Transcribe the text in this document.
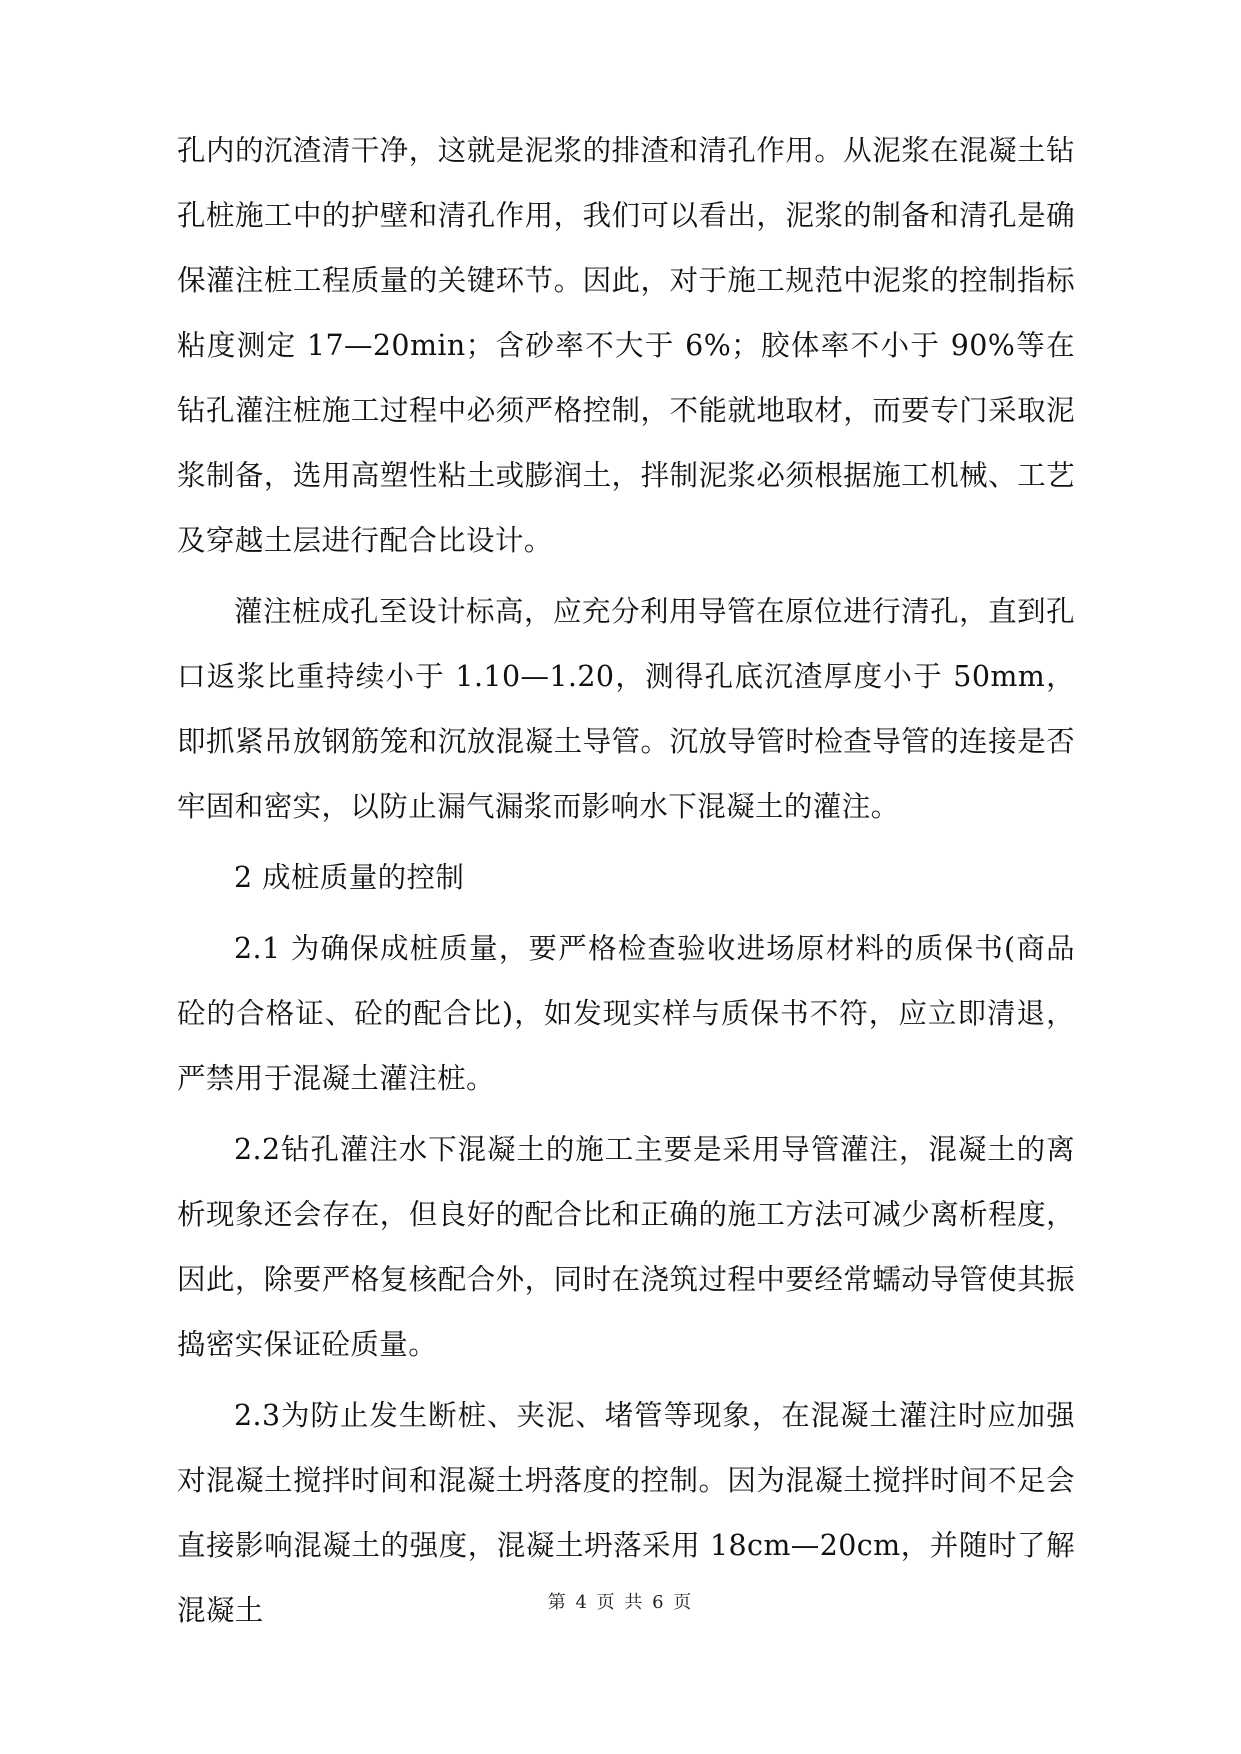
孔内的沉渣清干净，这就是泥浆的排渣和清孔作用。从泥浆在混凝土钻孔桩施工中的护壁和清孔作用，我们可以看出，泥浆的制备和清孔是确保灌注桩工程质量的关键环节。因此，对于施工规范中泥浆的控制指标粘度测定 17—20min；含砂率不大于 6%；胶体率不小于 90%等在钻孔灌注桩施工过程中必须严格控制，不能就地取材，而要专门采取泥浆制备，选用高塑性粘土或膨润土，拌制泥浆必须根据施工机械、工艺及穿越土层进行配合比设计。

灌注桩成孔至设计标高，应充分利用导管在原位进行清孔，直到孔口返浆比重持续小于 1.10—1.20，测得孔底沉渣厚度小于 50mm，即抓紧吊放钢筋笼和沉放混凝土导管。沉放导管时检查导管的连接是否牢固和密实，以防止漏气漏浆而影响水下混凝土的灌注。

2 成桩质量的控制

2.1 为确保成桩质量，要严格检查验收进场原材料的质保书(商品砼的合格证、砼的配合比)，如发现实样与质保书不符，应立即清退，严禁用于混凝土灌注桩。

2.2钻孔灌注水下混凝土的施工主要是采用导管灌注，混凝土的离析现象还会存在，但良好的配合比和正确的施工方法可减少离析程度，因此，除要严格复核配合外，同时在浇筑过程中要经常蠕动导管使其振捣密实保证砼质量。

2.3为防止发生断桩、夹泥、堵管等现象，在混凝土灌注时应加强对混凝土搅拌时间和混凝土坍落度的控制。因为混凝土搅拌时间不足会直接影响混凝土的强度，混凝土坍落采用 18cm—20cm，并随时了解混凝土	第 4 页 共 6 页
